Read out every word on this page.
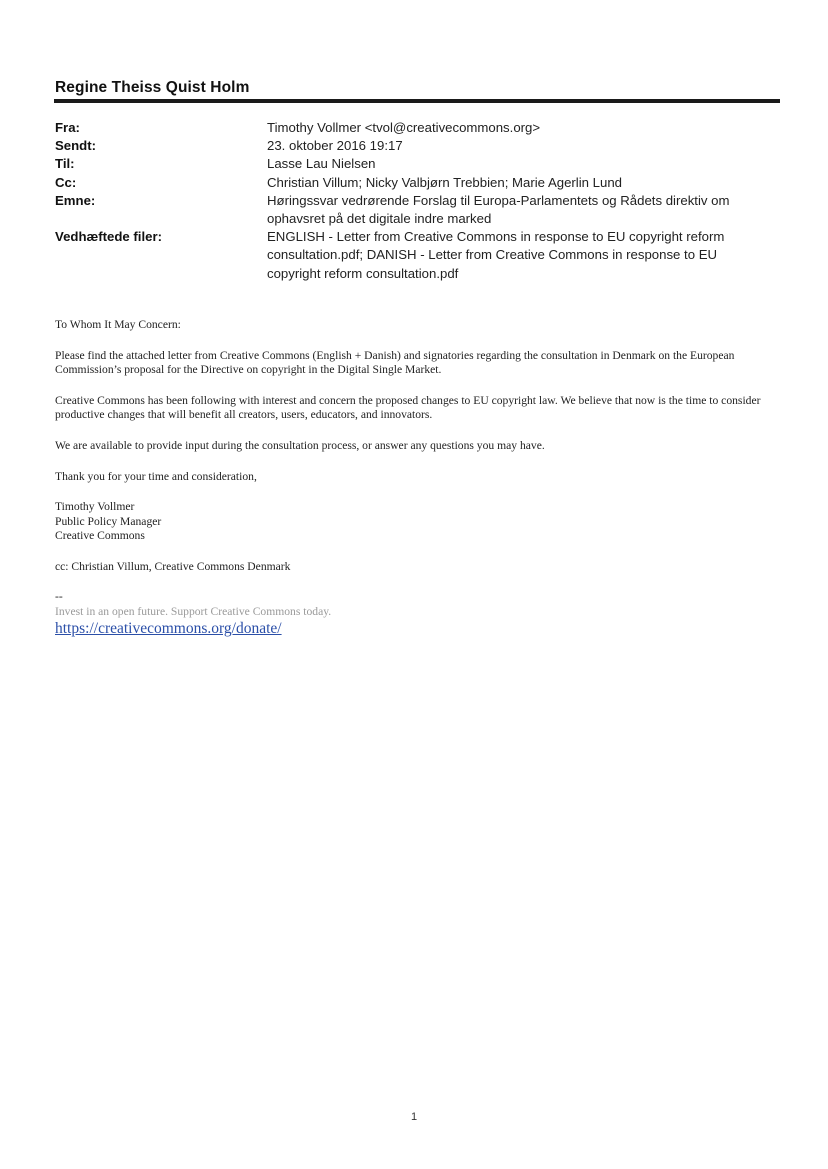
Regine Theiss Quist Holm
Fra:	Timothy Vollmer <tvol@creativecommons.org>
Sendt:	23. oktober 2016 19:17
Til:	Lasse Lau Nielsen
Cc:	Christian Villum; Nicky Valbjørn Trebbien; Marie Agerlin Lund
Emne:	Høringssvar vedrørende Forslag til Europa-Parlamentets og Rådets direktiv om ophavsret på det digitale indre marked
Vedhæftede filer:	ENGLISH - Letter from Creative Commons in response to EU copyright reform consultation.pdf; DANISH - Letter from Creative Commons in response to EU copyright reform consultation.pdf

To Whom It May Concern:

Please find the attached letter from Creative Commons (English + Danish) and signatories regarding the consultation in Denmark on the European Commission’s proposal for the Directive on copyright in the Digital Single Market.

Creative Commons has been following with interest and concern the proposed changes to EU copyright law. We believe that now is the time to consider productive changes that will benefit all creators, users, educators, and innovators.

We are available to provide input during the consultation process, or answer any questions you may have.

Thank you for your time and consideration,

Timothy Vollmer
Public Policy Manager
Creative Commons

cc: Christian Villum, Creative Commons Denmark

--
Invest in an open future. Support Creative Commons today.
https://creativecommons.org/donate/
1
